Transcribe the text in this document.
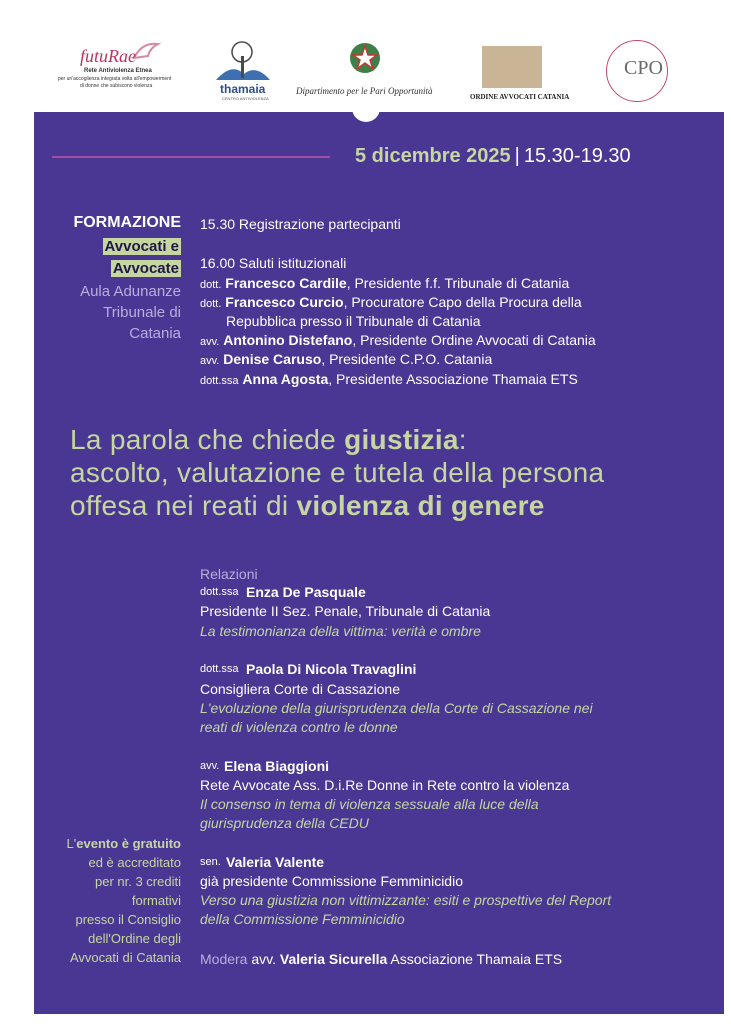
futuRae
Rete Antiviolenza Etnea
per un'accoglienza integrata volta all'empowerment
di donne che subiscono violenza	thamaia
CENTRO ANTIVIOLENZA
Dipartimento per le Pari Opportunità
ORDINE AVVOCATI CATANIA
CPO
5 dicembre 2025 | 15.30-19.30
FORMAZIONE
Avvocati e
Avvocate
Aula Adunanze
Tribunale di
Catania
15.30 Registrazione partecipanti
16.00 Saluti istituzionali
dott. Francesco Cardile, Presidente f.f. Tribunale di Catania
dott. Francesco Curcio, Procuratore Capo della Procura della
Repubblica presso il Tribunale di Catania
avv. Antonino Distefano, Presidente Ordine Avvocati di Catania
avv. Denise Caruso, Presidente C.P.O. Catania
dott.ssa Anna Agosta, Presidente Associazione Thamaia ETS
La parola che chiede giustizia:
ascolto, valutazione e tutela della persona
offesa nei reati di violenza di genere
Relazioni
dott.ssa Enza De Pasquale
Presidente II Sez. Penale, Tribunale di Catania
La testimonianza della vittima: verità e ombre
dott.ssa Paola Di Nicola Travaglini
Consigliera Corte di Cassazione
L'evoluzione della giurisprudenza della Corte di Cassazione nei
reati di violenza contro le donne
avv. Elena Biaggioni
Rete Avvocate Ass. D.i.Re Donne in Rete contro la violenza
Il consenso in tema di violenza sessuale alla luce della
giurisprudenza della CEDU
sen. Valeria Valente
già presidente Commissione Femminicidio
Verso una giustizia non vittimizzante: esiti e prospettive del Report
della Commissione Femminicidio
Modera avv. Valeria Sicurella Associazione Thamaia ETS
L'evento è gratuito
ed è accreditato
per nr. 3 crediti
formativi
presso il Consiglio
dell'Ordine degli
Avvocati di Catania
